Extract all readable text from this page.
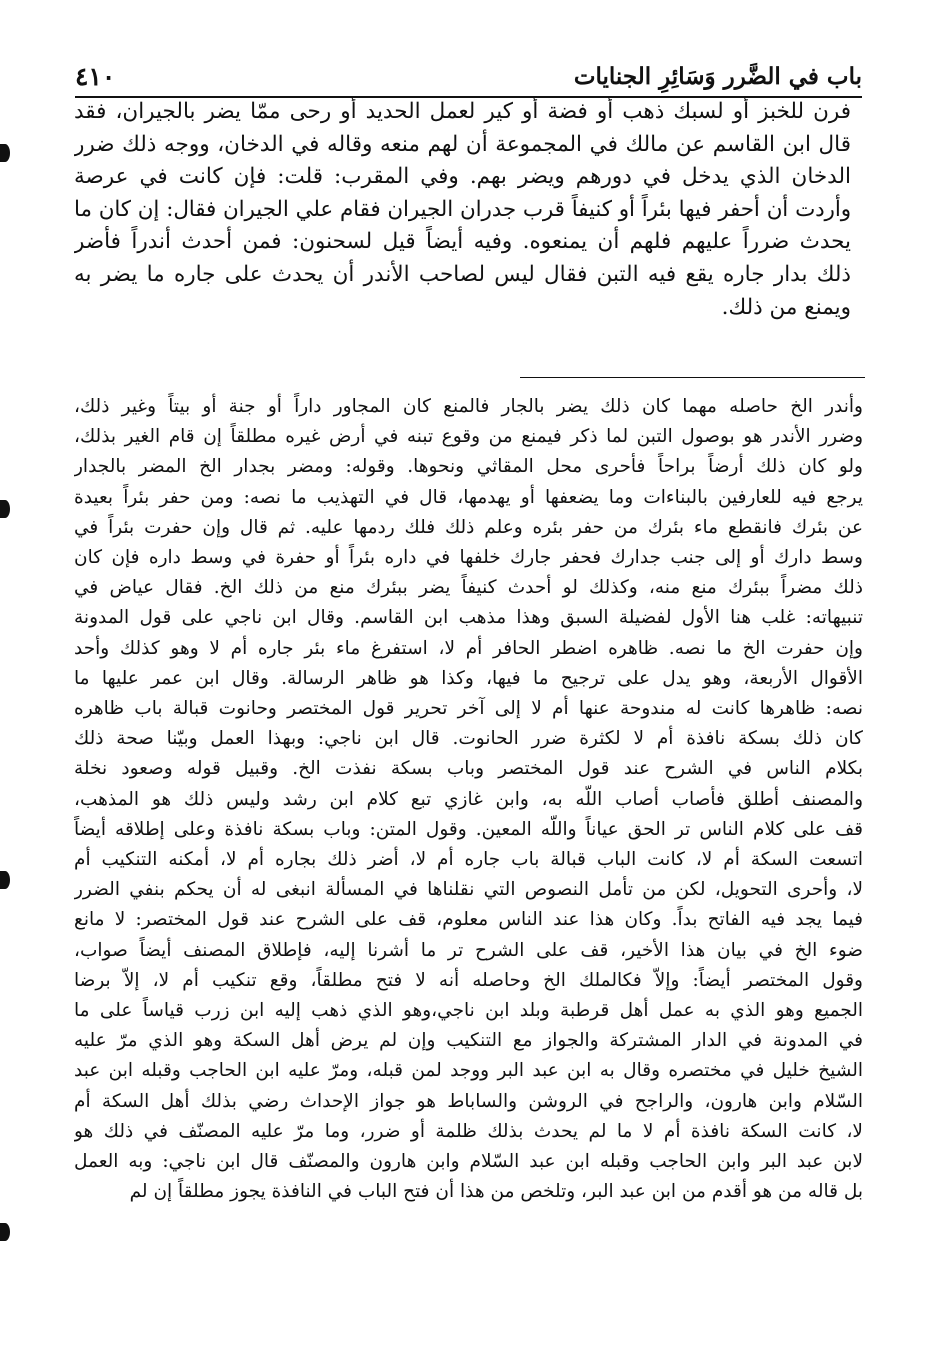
باب في الضَّرر وَسَائِرِ الجنايات
٤١٠
فرن للخبز أو لسبك ذهب أو فضة أو كير لعمل الحديد أو رحى ممّا يضر بالجيران، فقد
قال ابن القاسم عن مالك في المجموعة أن لهم منعه وقاله في الدخان، ووجه ذلك ضرر
الدخان الذي يدخل في دورهم ويضر بهم. وفي المقرب: قلت: فإن كانت في عرصة
وأردت أن أحفر فيها بئراً أو كنيفاً قرب جدران الجيران فقام علي الجيران فقال: إن كان ما
يحدث ضرراً عليهم فلهم أن يمنعوه. وفيه أيضاً قيل لسحنون: فمن أحدث أندراً فأضر
ذلك بدار جاره يقع فيه التبن فقال ليس لصاحب الأندر أن يحدث على جاره ما يضر به
ويمنع من ذلك.
وأندر الخ حاصله مهما كان ذلك يضر بالجار فالمنع كان المجاور داراً أو جنة أو بيتاً وغير ذلك،
وضرر الأندر هو بوصول التبن لما ذكر فيمنع من وقوع تبنه في أرض غيره مطلقاً إن قام الغير بذلك،
ولو كان ذلك أرضاً براحاً فأحرى محل المقاثي ونحوها. وقوله: ومضر بجدار الخ المضر بالجدار
يرجع فيه للعارفين بالبناءات وما يضعفها أو يهدمها، قال في التهذيب ما نصه: ومن حفر بئراً بعيدة
عن بئرك فانقطع ماء بئرك من حفر بئره وعلم ذلك فلك ردمها عليه. ثم قال وإن حفرت بئراً في
وسط دارك أو إلى جنب جدارك فحفر جارك خلفها في داره بئراً أو حفرة في وسط داره فإن كان
ذلك مضراً ببئرك منع منه، وكذلك لو أحدث كنيفاً يضر ببئرك منع من ذلك الخ. فقال عياض في
تنبيهاته: غلب هنا الأول لفضيلة السبق وهذا مذهب ابن القاسم. وقال ابن ناجي على قول المدونة
وإن حفرت الخ ما نصه. ظاهره اضطر الحافر أم لا، استفرغ ماء بئر جاره أم لا وهو كذلك وأحد
الأقوال الأربعة، وهو يدل على ترجيح ما فيها، وكذا هو ظاهر الرسالة. وقال ابن عمر عليها ما
نصه: ظاهرها كانت له مندوحة عنها أم لا إلى آخر تحرير قول المختصر وحانوت قبالة باب ظاهره
كان ذلك بسكة نافذة أم لا لكثرة ضرر الحانوت. قال ابن ناجي: وبهذا العمل وبيّنا صحة ذلك
بكلام الناس في الشرح عند قول المختصر وباب بسكة نفذت الخ. وقبيل قوله وصعود نخلة
والمصنف أطلق فأصاب أصاب اللّه به، وابن غازي تبع كلام ابن رشد وليس ذلك هو المذهب،
قف على كلام الناس تر الحق عياناً واللّه المعين. وقول المتن: وباب بسكة نافذة وعلى إطلاقه أيضاً
اتسعت السكة أم لا، كانت الباب قبالة باب جاره أم لا، أضر ذلك بجاره أم لا، أمكنه التنكيب أم
لا، وأحرى التحويل، لكن من تأمل النصوص التي نقلناها في المسألة انبغى له أن يحكم بنفي الضرر
فيما يجد فيه الفاتح بداً. وكان هذا عند الناس معلوم، قف على الشرح عند قول المختصر: لا مانع
ضوء الخ في بيان هذا الأخير، قف على الشرح تر ما أشرنا إليه، فإطلاق المصنف أيضاً صواب،
وقول المختصر أيضاً: وإلاّ فكالملك الخ وحاصله أنه لا فتح مطلقاً، وقع تنكيب أم لا، إلاّ برضا
الجميع وهو الذي به عمل أهل قرطبة وبلد ابن ناجي،وهو الذي ذهب إليه ابن زرب قياساً على ما
في المدونة في الدار المشتركة والجواز مع التنكيب وإن لم يرض أهل السكة وهو الذي مرّ عليه
الشيخ خليل في مختصره وقال به ابن عبد البر ووجد لمن قبله، ومرّ عليه ابن الحاجب وقبله ابن عبد
السّلام وابن هارون، والراجح في الروشن والساباط هو جواز الإحداث رضي بذلك أهل السكة أم
لا، كانت السكة نافذة أم لا ما لم يحدث بذلك ظلمة أو ضرر، وما مرّ عليه المصنّف في ذلك هو
لابن عبد البر وابن الحاجب وقبله ابن عبد السّلام وابن هارون والمصنّف قال ابن ناجي: وبه العمل
بل قاله من هو أقدم من ابن عبد البر، وتلخص من هذا أن فتح الباب في النافذة يجوز مطلقاً إن لم
